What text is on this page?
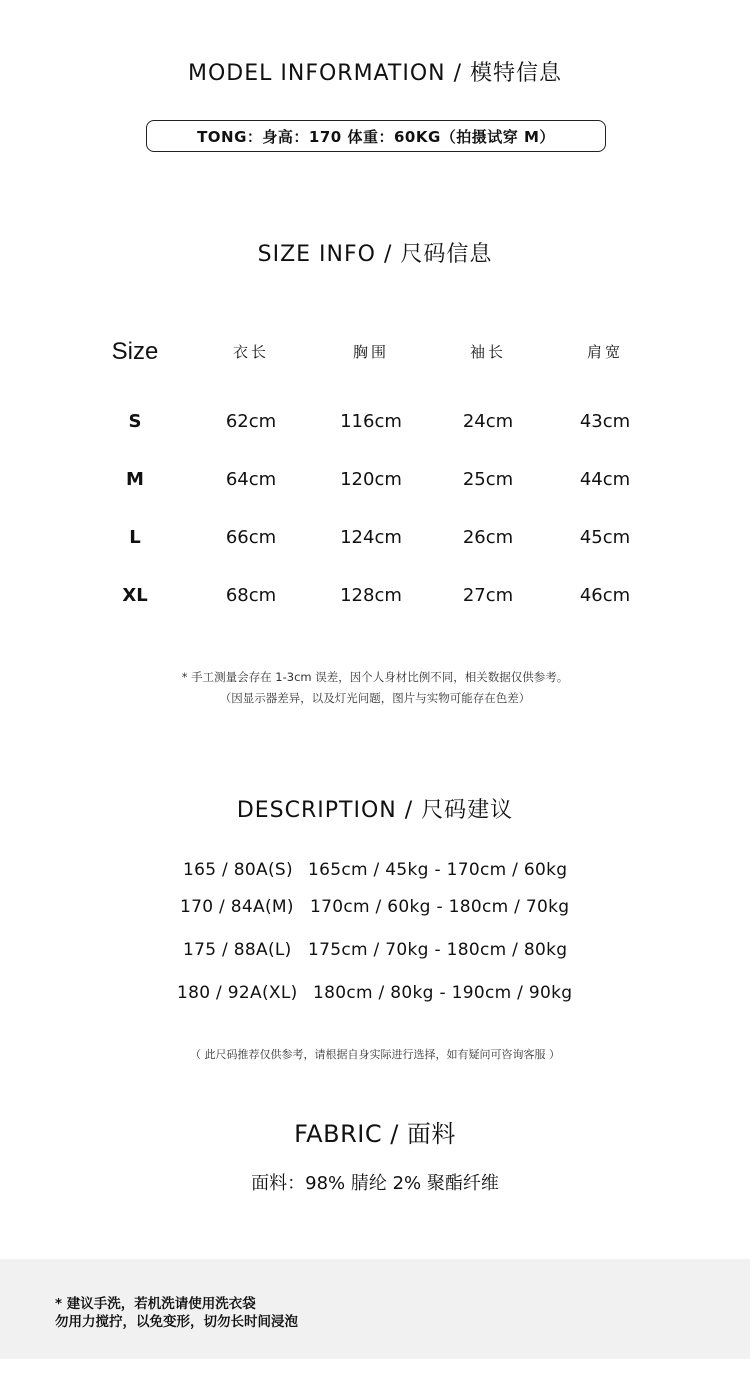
MODEL INFORMATION / 模特信息
TONG：身高：170 体重：60KG（拍摄试穿 M）
SIZE INFO / 尺码信息
Size	衣长	胸围	袖长	肩宽
S	62cm	116cm	24cm	43cm
M	64cm	120cm	25cm	44cm
L	66cm	124cm	26cm	45cm
XL	68cm	128cm	27cm	46cm
* 手工测量会存在 1-3cm 误差，因个人身材比例不同，相关数据仅供参考。
（因显示器差异，以及灯光问题，图片与实物可能存在色差）
DESCRIPTION / 尺码建议
165 / 80A(S) 165cm / 45kg - 170cm / 60kg
170 / 84A(M) 170cm / 60kg - 180cm / 70kg
175 / 88A(L) 175cm / 70kg - 180cm / 80kg
180 / 92A(XL) 180cm / 80kg - 190cm / 90kg
（ 此尺码推荐仅供参考，请根据自身实际进行选择，如有疑问可咨询客服 ）
FABRIC / 面料
面料：98% 腈纶 2% 聚酯纤维
* 建议手洗，若机洗请使用洗衣袋
勿用力搅拧，以免变形，切勿长时间浸泡
